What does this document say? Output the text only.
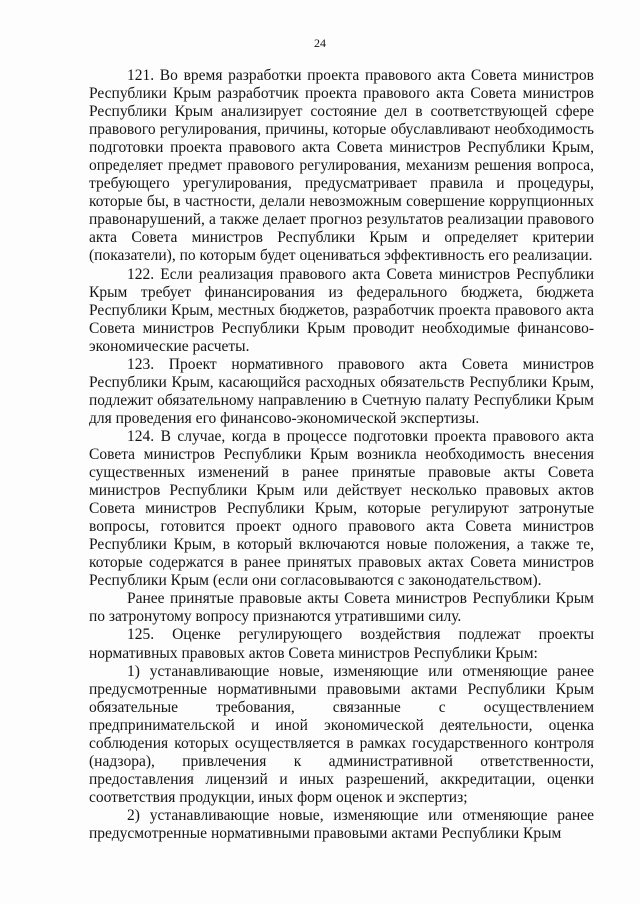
24

121. Во время разработки проекта правового акта Совета министров Республики Крым разработчик проекта правового акта Совета министров Республики Крым анализирует состояние дел в соответствующей сфере правового регулирования, причины, которые обуславливают необходимость подготовки проекта правового акта Совета министров Республики Крым, определяет предмет правового регулирования, механизм решения вопроса, требующего урегулирования, предусматривает правила и процедуры, которые бы, в частности, делали невозможным совершение коррупционных правонарушений, а также делает прогноз результатов реализации правового акта Совета министров Республики Крым и определяет критерии (показатели), по которым будет оцениваться эффективность его реализации.

122. Если реализация правового акта Совета министров Республики Крым требует финансирования из федерального бюджета, бюджета Республики Крым, местных бюджетов, разработчик проекта правового акта Совета министров Республики Крым проводит необходимые финансово-экономические расчеты.

123. Проект нормативного правового акта Совета министров Республики Крым, касающийся расходных обязательств Республики Крым, подлежит обязательному направлению в Счетную палату Республики Крым для проведения его финансово-экономической экспертизы.

124. В случае, когда в процессе подготовки проекта правового акта Совета министров Республики Крым возникла необходимость внесения существенных изменений в ранее принятые правовые акты Совета министров Республики Крым или действует несколько правовых актов Совета министров Республики Крым, которые регулируют затронутые вопросы, готовится проект одного правового акта Совета министров Республики Крым, в который включаются новые положения, а также те, которые содержатся в ранее принятых правовых актах Совета министров Республики Крым (если они согласовываются с законодательством).

Ранее принятые правовые акты Совета министров Республики Крым по затронутому вопросу признаются утратившими силу.

125. Оценке регулирующего воздействия подлежат проекты нормативных правовых актов Совета министров Республики Крым:

1) устанавливающие новые, изменяющие или отменяющие ранее предусмотренные нормативными правовыми актами Республики Крым обязательные требования, связанные с осуществлением предпринимательской и иной экономической деятельности, оценка соблюдения которых осуществляется в рамках государственного контроля (надзора), привлечения к административной ответственности, предоставления лицензий и иных разрешений, аккредитации, оценки соответствия продукции, иных форм оценок и экспертиз;

2) устанавливающие новые, изменяющие или отменяющие ранее предусмотренные нормативными правовыми актами Республики Крым
